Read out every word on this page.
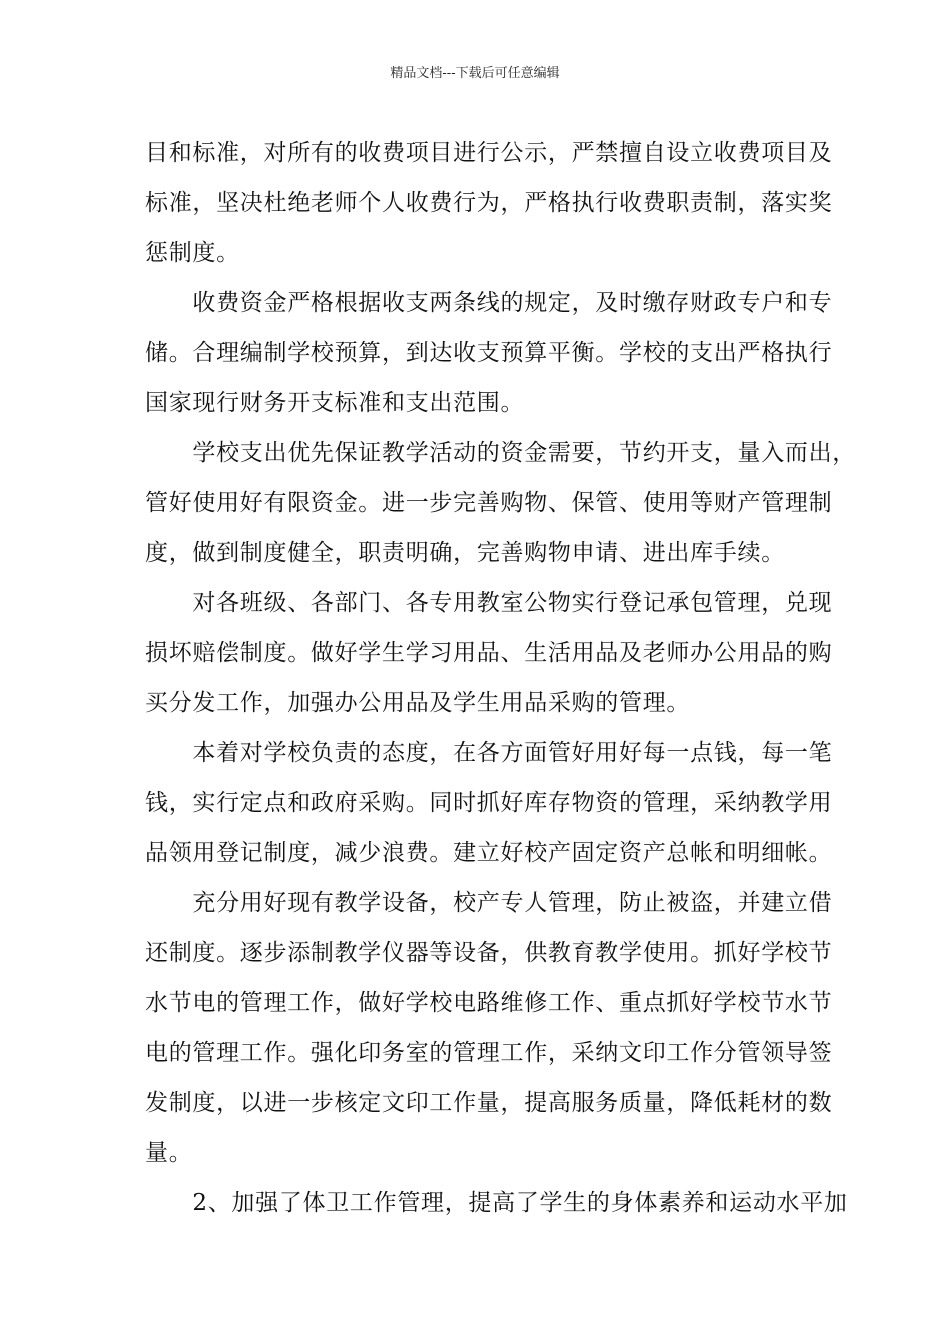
精品文档---下载后可任意编辑
目和标准，对所有的收费项目进行公示，严禁擅自设立收费项目及
标准，坚决杜绝老师个人收费行为，严格执行收费职责制，落实奖
惩制度。
　　收费资金严格根据收支两条线的规定，及时缴存财政专户和专
储。合理编制学校预算，到达收支预算平衡。学校的支出严格执行
国家现行财务开支标准和支出范围。
　　学校支出优先保证教学活动的资金需要，节约开支，量入而出，
管好使用好有限资金。进一步完善购物、保管、使用等财产管理制
度，做到制度健全，职责明确，完善购物申请、进出库手续。
　　对各班级、各部门、各专用教室公物实行登记承包管理，兑现
损坏赔偿制度。做好学生学习用品、生活用品及老师办公用品的购
买分发工作，加强办公用品及学生用品采购的管理。
　　本着对学校负责的态度，在各方面管好用好每一点钱，每一笔
钱，实行定点和政府采购。同时抓好库存物资的管理，采纳教学用
品领用登记制度，减少浪费。建立好校产固定资产总帐和明细帐。
　　充分用好现有教学设备，校产专人管理，防止被盗，并建立借
还制度。逐步添制教学仪器等设备，供教育教学使用。抓好学校节
水节电的管理工作，做好学校电路维修工作、重点抓好学校节水节
电的管理工作。强化印务室的管理工作，采纳文印工作分管领导签
发制度，以进一步核定文印工作量，提高服务质量，降低耗材的数
量。
　　2、加强了体卫工作管理，提高了学生的身体素养和运动水平加
